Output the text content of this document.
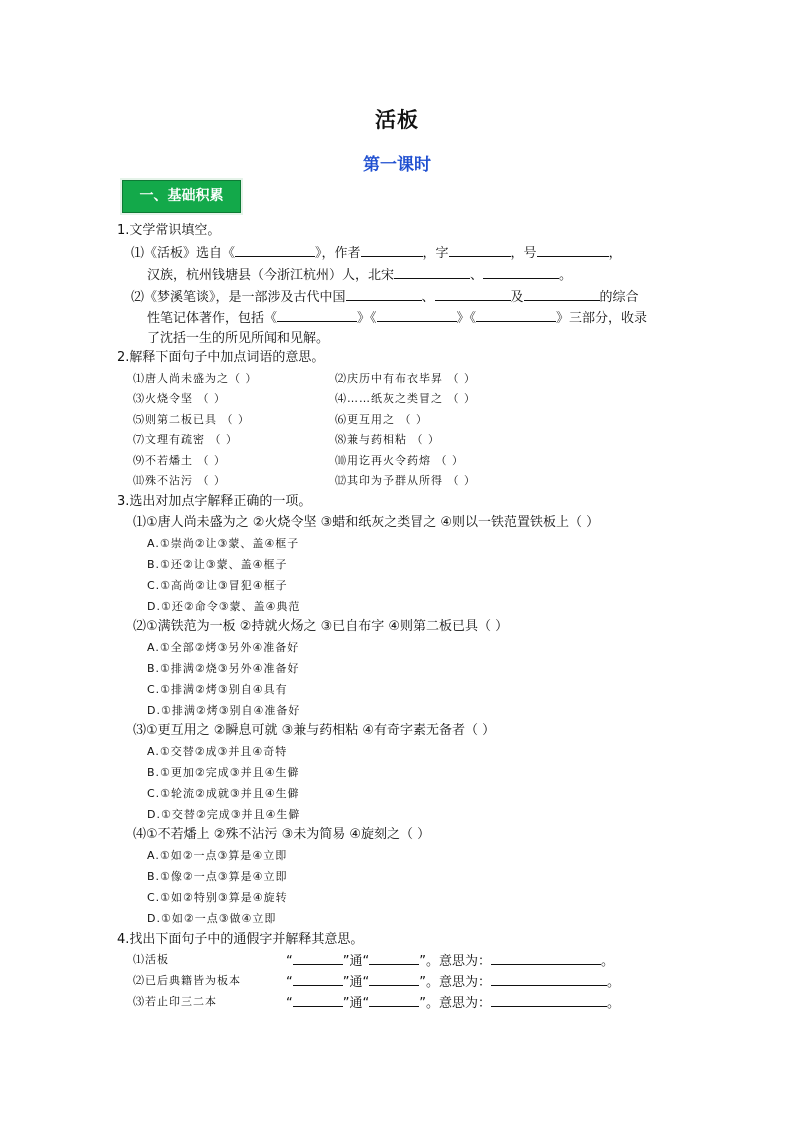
活板
第一课时
一、基础积累
1.文学常识填空。
⑴《活板》选自《	》，作者	，字	，号	，
汉族，杭州钱塘县（今浙江杭州）人，北宋	、	。
⑵《梦溪笔谈》，是一部涉及古代中国	、	及	的综合
性笔记体著作，包括《	》《	》《	》三部分，收录
了沈括一生的所见所闻和见解。
2.解释下面句子中加点词语的意思。
⑴唐人尚未盛为之（ ）	⑵庆历中有布衣毕昇 （ ）
⑶火烧令坚 （ ）	⑷……纸灰之类冒之 （ ）
⑸则第二板已具 （ ）	⑹更互用之 （ ）
⑺文理有疏密 （ ）	⑻兼与药相粘 （ ）
⑼不若燔土 （ ）	⑽用讫再火令药熔 （ ）
⑾殊不沾污 （ ）	⑿其印为予群从所得 （ ）
3.选出对加点字解释正确的一项。
⑴①唐人尚未盛为之 ②火烧令坚 ③蜡和纸灰之类冒之 ④则以一铁范置铁板上（ ）
A.①崇尚②让③蒙、盖④框子
B.①还②让③蒙、盖④框子
C.①高尚②让③冒犯④框子
D.①还②命令③蒙、盖④典范
⑵①满铁范为一板 ②持就火炀之 ③已自布字 ④则第二板已具（ ）
A.①全部②烤③另外④准备好
B.①排满②烧③另外④准备好
C.①排满②烤③别自④具有
D.①排满②烤③别自④准备好
⑶①更互用之 ②瞬息可就 ③兼与药相粘 ④有奇字素无备者（ ）
A.①交替②成③并且④奇特
B.①更加②完成③并且④生僻
C.①轮流②成就③并且④生僻
D.①交替②完成③并且④生僻
⑷①不若燔上 ②殊不沾污 ③未为简易 ④旋刻之（ ）
A.①如②一点③算是④立即
B.①像②一点③算是④立即
C.①如②特别③算是④旋转
D.①如②一点③做④立即
4.找出下面句子中的通假字并解释其意思。
⑴活板	“	”通“	”。意思为：	。
⑵已后典籍皆为板本	“	”通“	”。意思为：	。
⑶若止印三二本	“	”通“	”。意思为：	。
